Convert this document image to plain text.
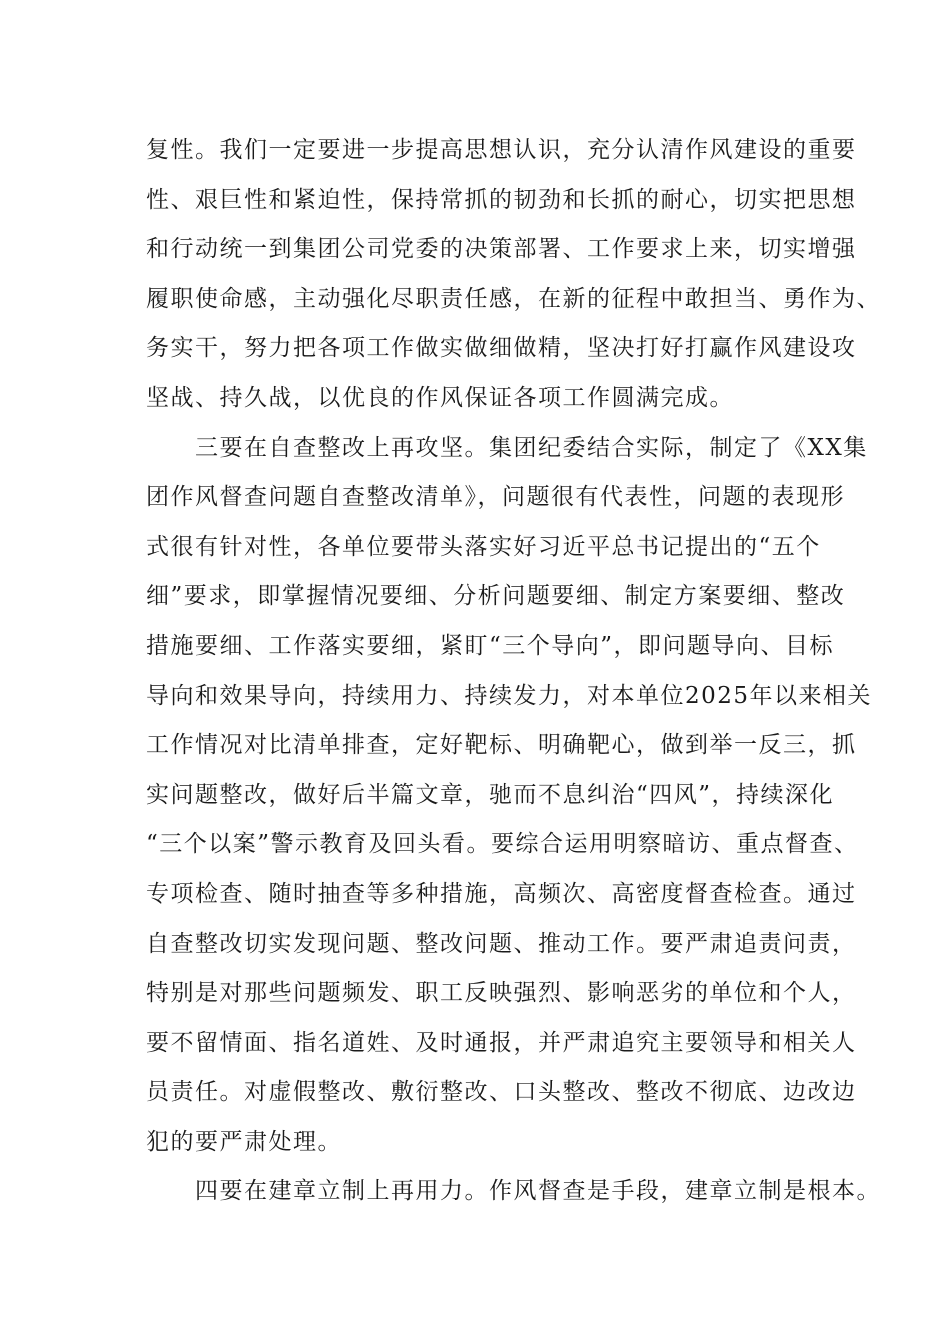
复性。我们一定要进一步提高思想认识，充分认清作风建设的重要
性、艰巨性和紧迫性，保持常抓的韧劲和长抓的耐心，切实把思想
和行动统一到集团公司党委的决策部署、工作要求上来，切实增强
履职使命感，主动强化尽职责任感，在新的征程中敢担当、勇作为、
务实干，努力把各项工作做实做细做精，坚决打好打赢作风建设攻
坚战、持久战，以优良的作风保证各项工作圆满完成。
　　三要在自查整改上再攻坚。集团纪委结合实际，制定了《XX集
团作风督查问题自查整改清单》，问题很有代表性，问题的表现形
式很有针对性，各单位要带头落实好习近平总书记提出的“五个
细”要求，即掌握情况要细、分析问题要细、制定方案要细、整改
措施要细、工作落实要细，紧盯“三个导向”，即问题导向、目标
导向和效果导向，持续用力、持续发力，对本单位2025年以来相关
工作情况对比清单排查，定好靶标、明确靶心，做到举一反三，抓
实问题整改，做好后半篇文章，驰而不息纠治“四风”，持续深化
“三个以案”警示教育及回头看。要综合运用明察暗访、重点督查、
专项检查、随时抽查等多种措施，高频次、高密度督查检查。通过
自查整改切实发现问题、整改问题、推动工作。要严肃追责问责，
特别是对那些问题频发、职工反映强烈、影响恶劣的单位和个人，
要不留情面、指名道姓、及时通报，并严肃追究主要领导和相关人
员责任。对虚假整改、敷衍整改、口头整改、整改不彻底、边改边
犯的要严肃处理。
　　四要在建章立制上再用力。作风督查是手段，建章立制是根本。
